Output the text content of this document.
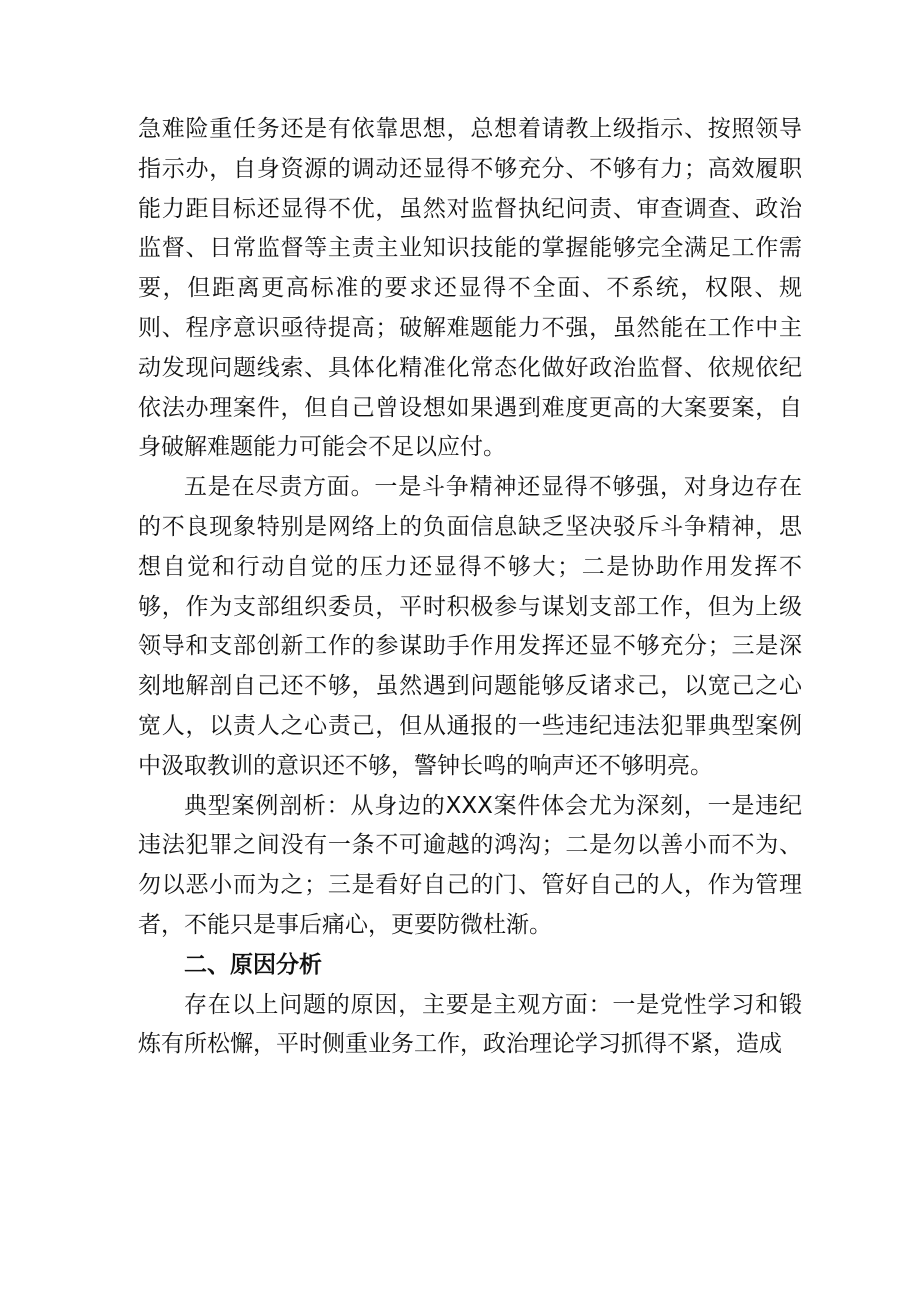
急难险重任务还是有依靠思想，总想着请教上级指示、按照领导指示办，自身资源的调动还显得不够充分、不够有力；高效履职能力距目标还显得不优，虽然对监督执纪问责、审查调查、政治监督、日常监督等主责主业知识技能的掌握能够完全满足工作需要，但距离更高标准的要求还显得不全面、不系统，权限、规则、程序意识亟待提高；破解难题能力不强，虽然能在工作中主动发现问题线索、具体化精准化常态化做好政治监督、依规依纪依法办理案件，但自己曾设想如果遇到难度更高的大案要案，自身破解难题能力可能会不足以应付。

五是在尽责方面。一是斗争精神还显得不够强，对身边存在的不良现象特别是网络上的负面信息缺乏坚决驳斥斗争精神，思想自觉和行动自觉的压力还显得不够大；二是协助作用发挥不够，作为支部组织委员，平时积极参与谋划支部工作，但为上级领导和支部创新工作的参谋助手作用发挥还显不够充分；三是深刻地解剖自己还不够，虽然遇到问题能够反诸求己，以宽己之心宽人，以责人之心责己，但从通报的一些违纪违法犯罪典型案例中汲取教训的意识还不够，警钟长鸣的响声还不够明亮。

典型案例剖析：从身边的XXX案件体会尤为深刻，一是违纪违法犯罪之间没有一条不可逾越的鸿沟；二是勿以善小而不为、勿以恶小而为之；三是看好自己的门、管好自己的人，作为管理者，不能只是事后痛心，更要防微杜渐。

二、原因分析

存在以上问题的原因，主要是主观方面：一是党性学习和锻炼有所松懈，平时侧重业务工作，政治理论学习抓得不紧，造成
